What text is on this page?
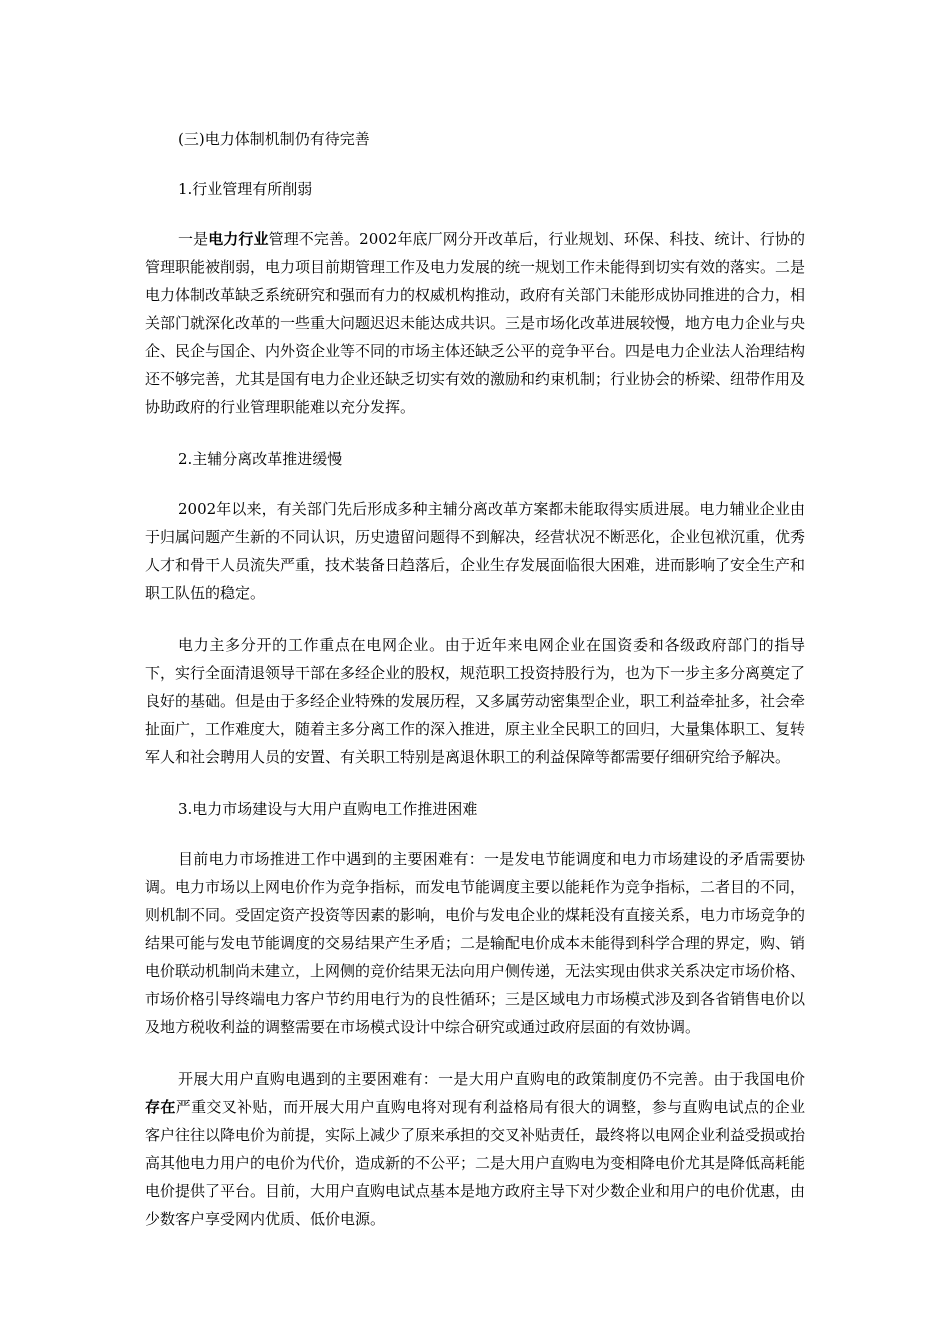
(三)电力体制机制仍有待完善

1.行业管理有所削弱

一是电力行业管理不完善。2002年底厂网分开改革后，行业规划、环保、科技、统计、行协的管理职能被削弱，电力项目前期管理工作及电力发展的统一规划工作未能得到切实有效的落实。二是电力体制改革缺乏系统研究和强而有力的权威机构推动，政府有关部门未能形成协同推进的合力，相关部门就深化改革的一些重大问题迟迟未能达成共识。三是市场化改革进展较慢，地方电力企业与央企、民企与国企、内外资企业等不同的市场主体还缺乏公平的竞争平台。四是电力企业法人治理结构还不够完善，尤其是国有电力企业还缺乏切实有效的激励和约束机制；行业协会的桥梁、纽带作用及协助政府的行业管理职能难以充分发挥。

2.主辅分离改革推进缓慢

2002年以来，有关部门先后形成多种主辅分离改革方案都未能取得实质进展。电力辅业企业由于归属问题产生新的不同认识，历史遗留问题得不到解决，经营状况不断恶化，企业包袱沉重，优秀人才和骨干人员流失严重，技术装备日趋落后，企业生存发展面临很大困难，进而影响了安全生产和职工队伍的稳定。

电力主多分开的工作重点在电网企业。由于近年来电网企业在国资委和各级政府部门的指导下，实行全面清退领导干部在多经企业的股权，规范职工投资持股行为，也为下一步主多分离奠定了良好的基础。但是由于多经企业特殊的发展历程，又多属劳动密集型企业，职工利益牵扯多，社会牵扯面广，工作难度大，随着主多分离工作的深入推进，原主业全民职工的回归，大量集体职工、复转军人和社会聘用人员的安置、有关职工特别是离退休职工的利益保障等都需要仔细研究给予解决。

3.电力市场建设与大用户直购电工作推进困难

目前电力市场推进工作中遇到的主要困难有：一是发电节能调度和电力市场建设的矛盾需要协调。电力市场以上网电价作为竞争指标，而发电节能调度主要以能耗作为竞争指标，二者目的不同，则机制不同。受固定资产投资等因素的影响，电价与发电企业的煤耗没有直接关系，电力市场竞争的结果可能与发电节能调度的交易结果产生矛盾；二是输配电价成本未能得到科学合理的界定，购、销电价联动机制尚未建立，上网侧的竞价结果无法向用户侧传递，无法实现由供求关系决定市场价格、市场价格引导终端电力客户节约用电行为的良性循环；三是区域电力市场模式涉及到各省销售电价以及地方税收利益的调整需要在市场模式设计中综合研究或通过政府层面的有效协调。

开展大用户直购电遇到的主要困难有：一是大用户直购电的政策制度仍不完善。由于我国电价存在严重交叉补贴，而开展大用户直购电将对现有利益格局有很大的调整，参与直购电试点的企业客户往往以降电价为前提，实际上减少了原来承担的交叉补贴责任，最终将以电网企业利益受损或抬高其他电力用户的电价为代价，造成新的不公平；二是大用户直购电为变相降电价尤其是降低高耗能电价提供了平台。目前，大用户直购电试点基本是地方政府主导下对少数企业和用户的电价优惠，由少数客户享受网内优质、低价电源。
